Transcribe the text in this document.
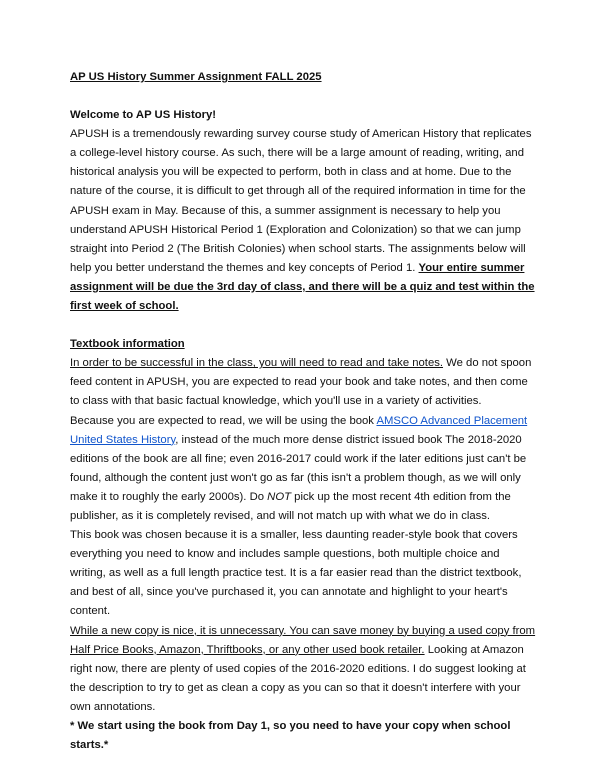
AP US History Summer Assignment FALL 2025

Welcome to AP US History!

APUSH is a tremendously rewarding survey course study of American History that replicates a college-level history course. As such, there will be a large amount of reading, writing, and historical analysis you will be expected to perform, both in class and at home. Due to the nature of the course, it is difficult to get through all of the required information in time for the APUSH exam in May. Because of this, a summer assignment is necessary to help you understand APUSH Historical Period 1 (Exploration and Colonization) so that we can jump straight into Period 2 (The British Colonies) when school starts. The assignments below will help you better understand the themes and key concepts of Period 1. Your entire summer assignment will be due the 3rd day of class, and there will be a quiz and test within the first week of school.

Textbook information

In order to be successful in the class, you will need to read and take notes. We do not spoon feed content in APUSH, you are expected to read your book and take notes, and then come to class with that basic factual knowledge, which you'll use in a variety of activities.

Because you are expected to read, we will be using the book AMSCO Advanced Placement United States History, instead of the much more dense district issued book The 2018-2020 editions of the book are all fine; even 2016-2017 could work if the later editions just can't be found, although the content just won't go as far (this isn't a problem though, as we will only make it to roughly the early 2000s). Do NOT pick up the most recent 4th edition from the publisher, as it is completely revised, and will not match up with what we do in class.

This book was chosen because it is a smaller, less daunting reader-style book that covers everything you need to know and includes sample questions, both multiple choice and writing, as well as a full length practice test. It is a far easier read than the district textbook, and best of all, since you've purchased it, you can annotate and highlight to your heart's content.

While a new copy is nice, it is unnecessary. You can save money by buying a used copy from Half Price Books, Amazon, Thriftbooks, or any other used book retailer. Looking at Amazon right now, there are plenty of used copies of the 2016-2020 editions. I do suggest looking at the description to try to get as clean a copy as you can so that it doesn't interfere with your own annotations.

* We start using the book from Day 1, so you need to have your copy when school starts.*
